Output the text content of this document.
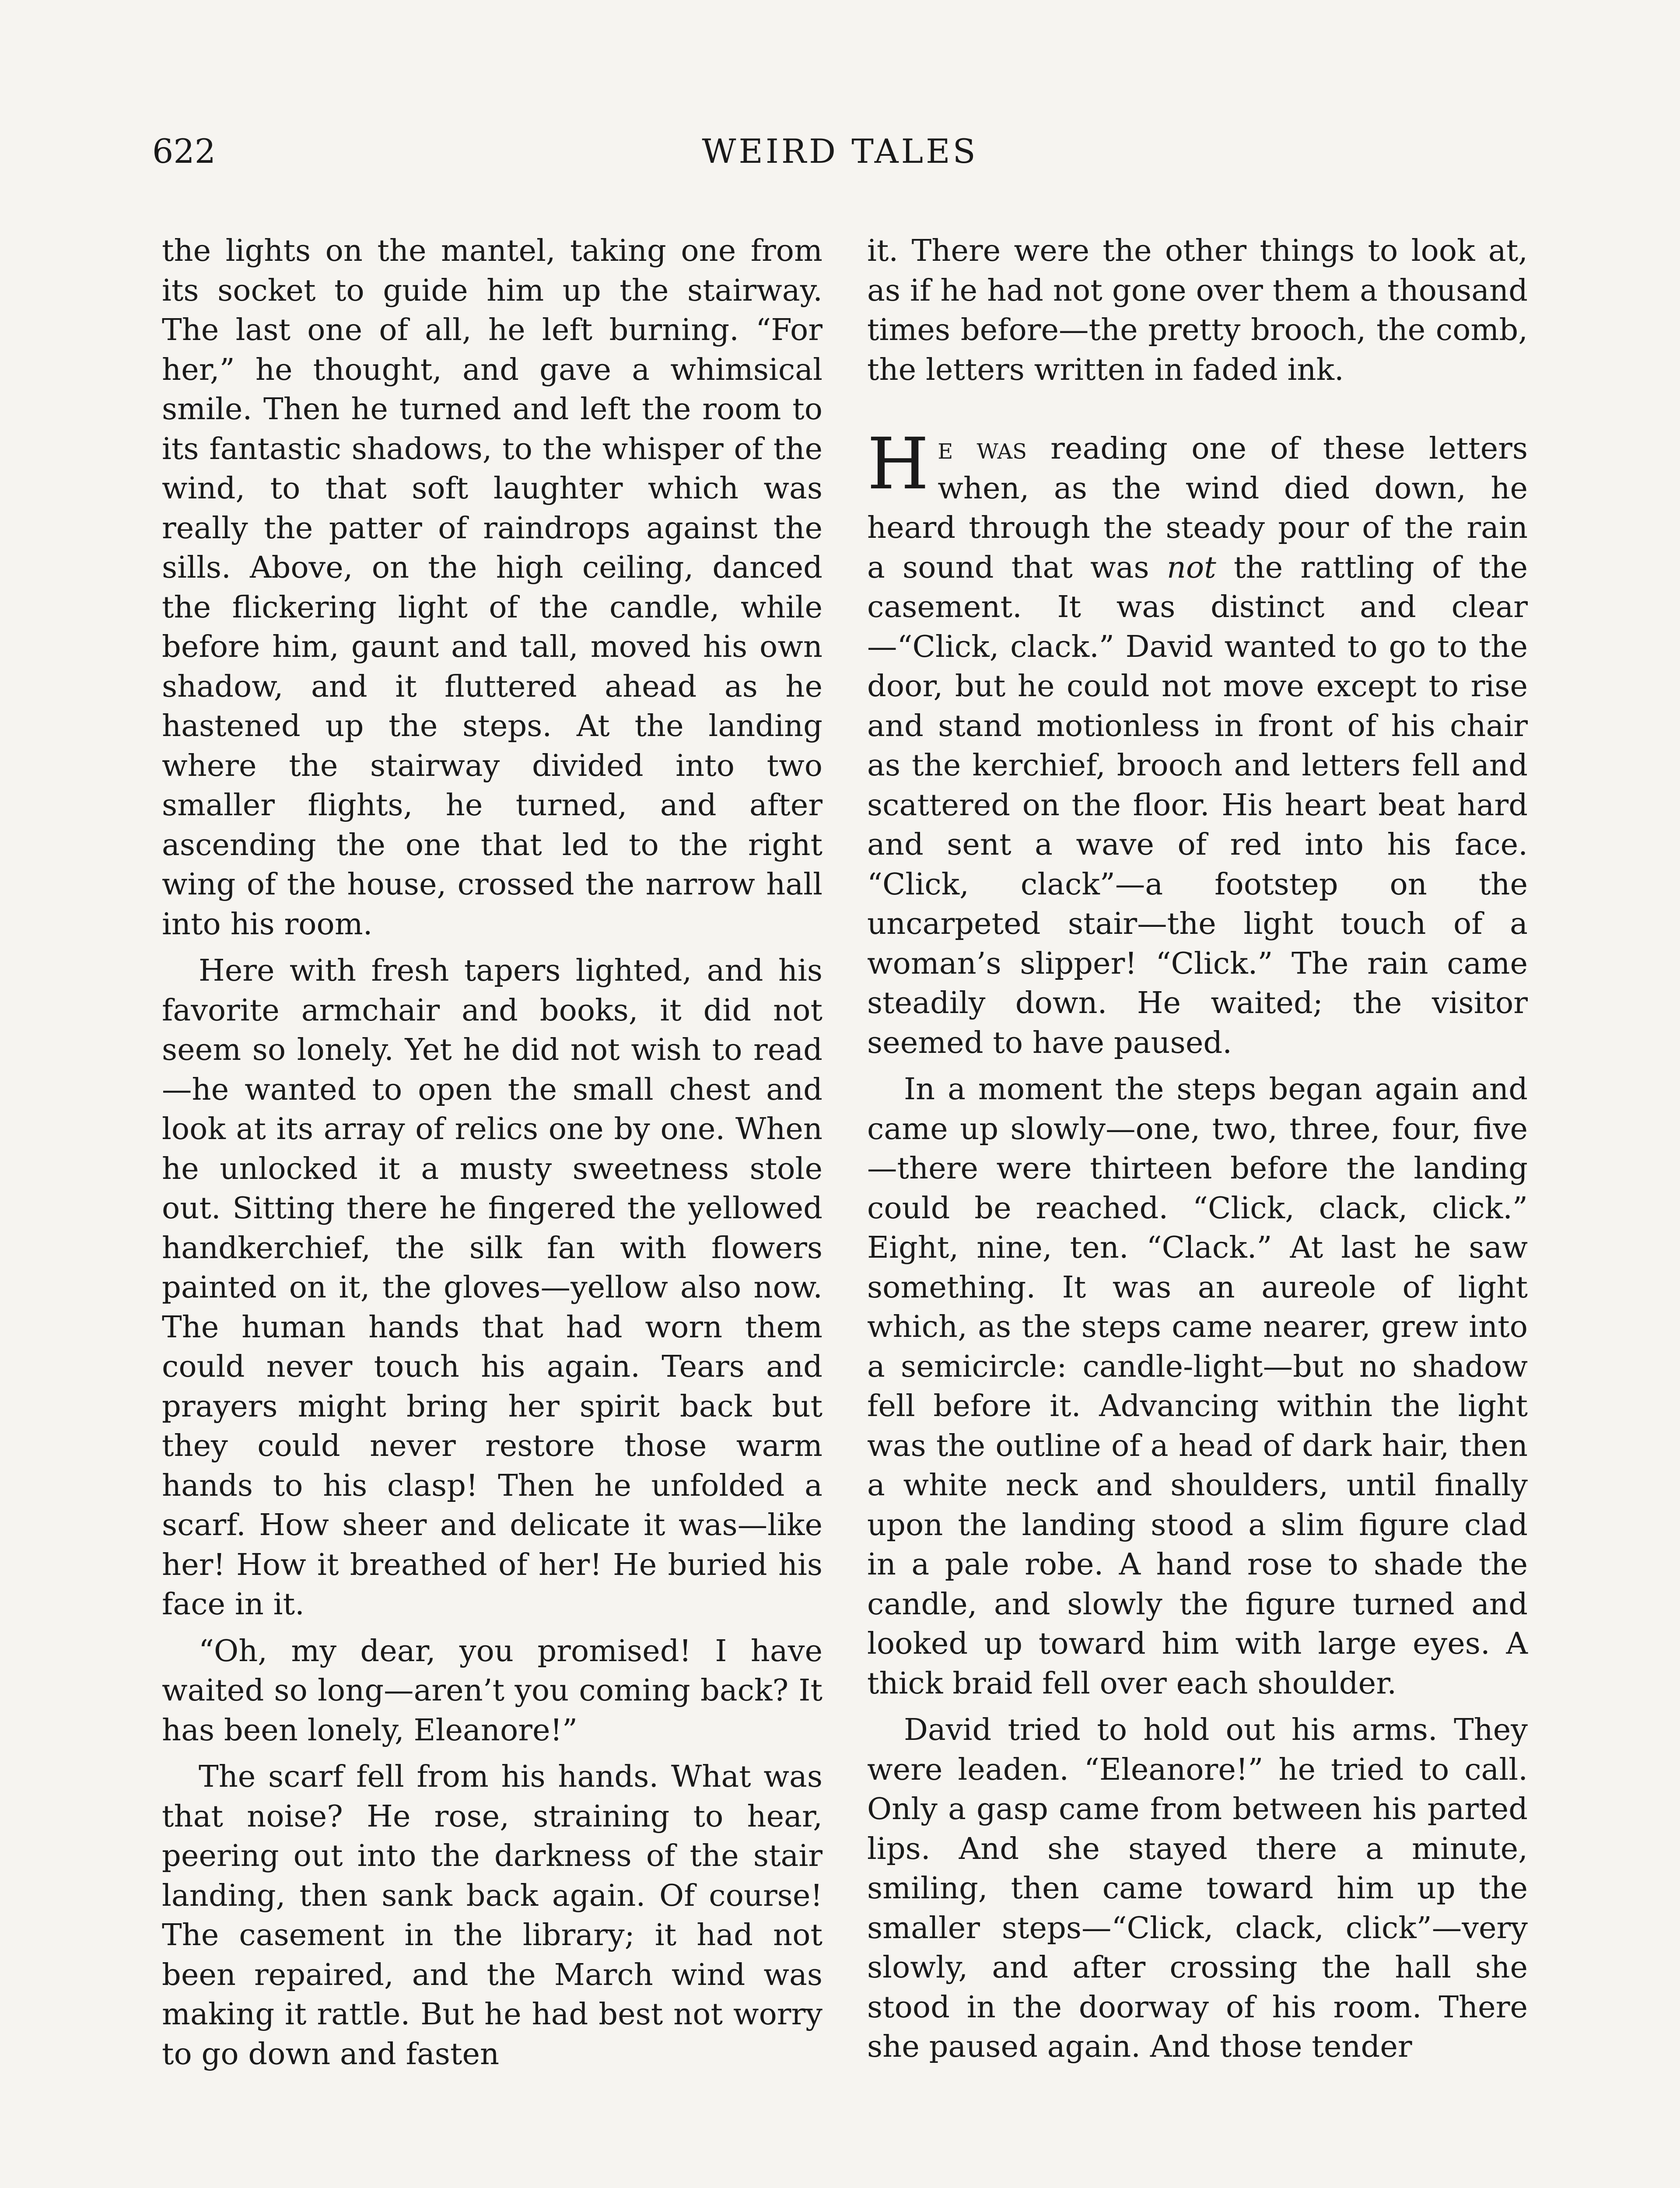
622	WEIRD TALES

the lights on the mantel, taking one from its socket to guide him up the stairway. The last one of all, he left burning. “For her,” he thought, and gave a whimsical smile. Then he turned and left the room to its fantastic shadows, to the whisper of the wind, to that soft laughter which was really the patter of raindrops against the sills. Above, on the high ceiling, danced the flickering light of the candle, while before him, gaunt and tall, moved his own shadow, and it fluttered ahead as he hastened up the steps. At the landing where the stairway divided into two smaller flights, he turned, and after ascending the one that led to the right wing of the house, crossed the narrow hall into his room.

Here with fresh tapers lighted, and his favorite armchair and books, it did not seem so lonely. Yet he did not wish to read—he wanted to open the small chest and look at its array of relics one by one. When he unlocked it a musty sweetness stole out. Sitting there he fingered the yellowed handkerchief, the silk fan with flowers painted on it, the gloves—yellow also now. The human hands that had worn them could never touch his again. Tears and prayers might bring her spirit back but they could never restore those warm hands to his clasp! Then he unfolded a scarf. How sheer and delicate it was—like her! How it breathed of her! He buried his face in it.

“Oh, my dear, you promised! I have waited so long—aren’t you coming back? It has been lonely, Eleanore!”

The scarf fell from his hands. What was that noise? He rose, straining to hear, peering out into the darkness of the stair landing, then sank back again. Of course! The casement in the library; it had not been repaired, and the March wind was making it rattle. But he had best not worry to go down and fasten

it. There were the other things to look at, as if he had not gone over them a thousand times before—the pretty brooch, the comb, the letters written in faded ink.

He was reading one of these letters when, as the wind died down, he heard through the steady pour of the rain a sound that was not the rattling of the casement. It was distinct and clear—“Click, clack.” David wanted to go to the door, but he could not move except to rise and stand motionless in front of his chair as the kerchief, brooch and letters fell and scattered on the floor. His heart beat hard and sent a wave of red into his face. “Click, clack”—a footstep on the uncarpeted stair—the light touch of a woman’s slipper! “Click.” The rain came steadily down. He waited; the visitor seemed to have paused.

In a moment the steps began again and came up slowly—one, two, three, four, five—there were thirteen before the landing could be reached. “Click, clack, click.” Eight, nine, ten. “Clack.” At last he saw something. It was an aureole of light which, as the steps came nearer, grew into a semicircle: candle-light—but no shadow fell before it. Advancing within the light was the outline of a head of dark hair, then a white neck and shoulders, until finally upon the landing stood a slim figure clad in a pale robe. A hand rose to shade the candle, and slowly the figure turned and looked up toward him with large eyes. A thick braid fell over each shoulder.

David tried to hold out his arms. They were leaden. “Eleanore!” he tried to call. Only a gasp came from between his parted lips. And she stayed there a minute, smiling, then came toward him up the smaller steps—“Click, clack, click”—very slowly, and after crossing the hall she stood in the doorway of his room. There she paused again. And those tender
